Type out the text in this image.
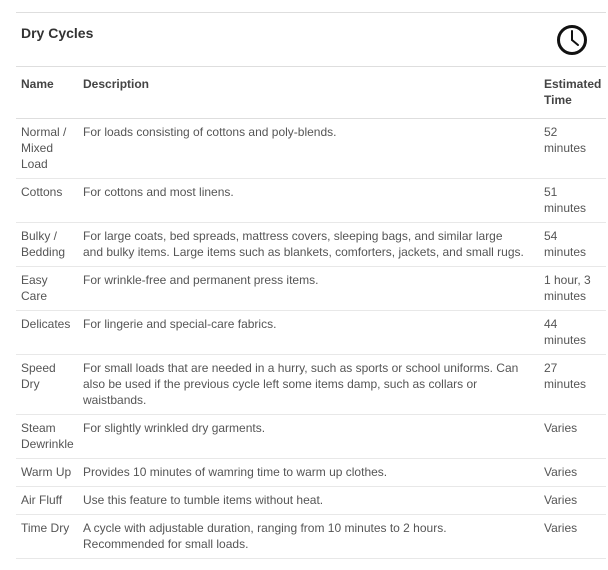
Dry Cycles
Name	Description	Estimated Time
Normal / Mixed Load	For loads consisting of cottons and poly-blends.	52 minutes
Cottons	For cottons and most linens.	51 minutes
Bulky / Bedding	For large coats, bed spreads, mattress covers, sleeping bags, and similar large and bulky items. Large items such as blankets, comforters, jackets, and small rugs.	54 minutes
Easy Care	For wrinkle-free and permanent press items.	1 hour, 3 minutes
Delicates	For lingerie and special-care fabrics.	44 minutes
Speed Dry	For small loads that are needed in a hurry, such as sports or school uniforms. Can also be used if the previous cycle left some items damp, such as collars or waistbands.	27 minutes
Steam Dewrinkle	For slightly wrinkled dry garments.	Varies
Warm Up	Provides 10 minutes of wamring time to warm up clothes.	Varies
Air Fluff	Use this feature to tumble items without heat.	Varies
Time Dry	A cycle with adjustable duration, ranging from 10 minutes to 2 hours. Recommended for small loads.	Varies
